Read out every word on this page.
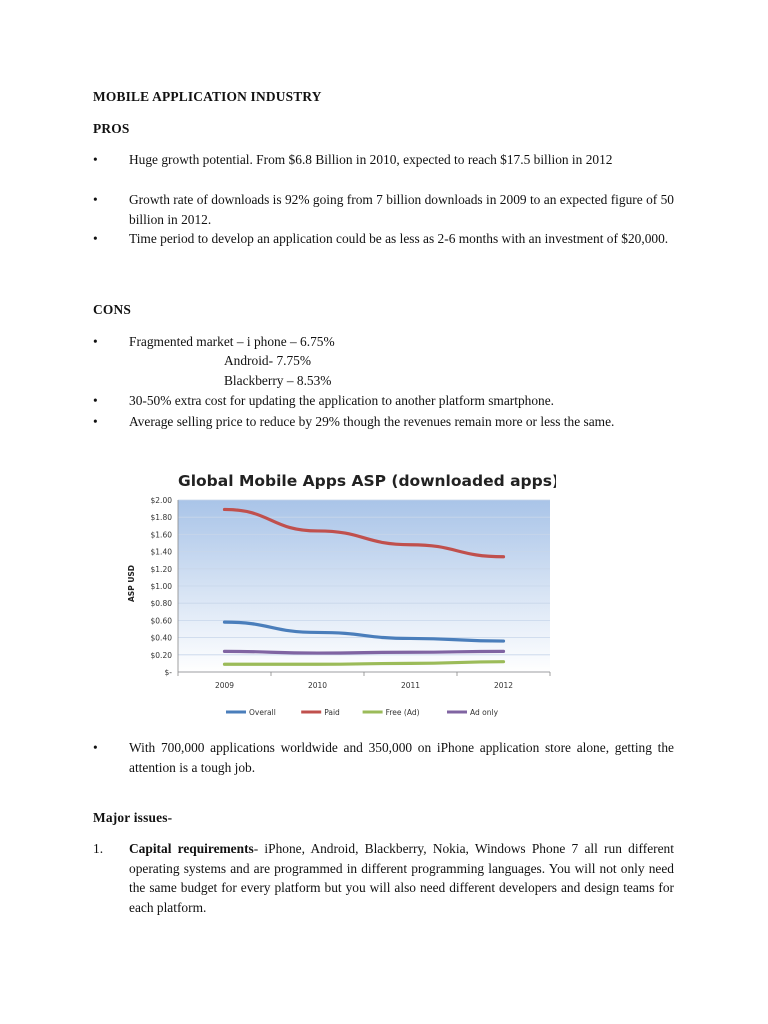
MOBILE APPLICATION INDUSTRY
PROS
• Huge growth potential. From $6.8 Billion in 2010, expected to reach $17.5 billion in 2012
• Growth rate of downloads is 92% going from 7 billion downloads in 2009 to an expected figure of 50 billion in 2012.
• Time period to develop an application could be as less as 2-6 months with an investment of $20,000.
CONS
• Fragmented market – i phone – 6.75%
Android- 7.75%
Blackberry – 8.53%
• 30-50% extra cost for updating the application to another platform smartphone.
• Average selling price to reduce by 29% though the revenues remain more or less the same.
Global Mobile Apps ASP (downloaded apps)
$2.00
$1.80
$1.60
$1.40
$1.20
$1.00
$0.80
$0.60
$0.40
$0.20
$-
2009	2010	2011	2012
ASP USD
Overall	Paid	Free (Ad)	Ad only
• With 700,000 applications worldwide and 350,000 on iPhone application store alone, getting the attention is a tough job.
Major issues-
1. Capital requirements- iPhone, Android, Blackberry, Nokia, Windows Phone 7 all run different operating systems and are programmed in different programming languages. You will not only need the same budget for every platform but you will also need different developers and design teams for each platform.
